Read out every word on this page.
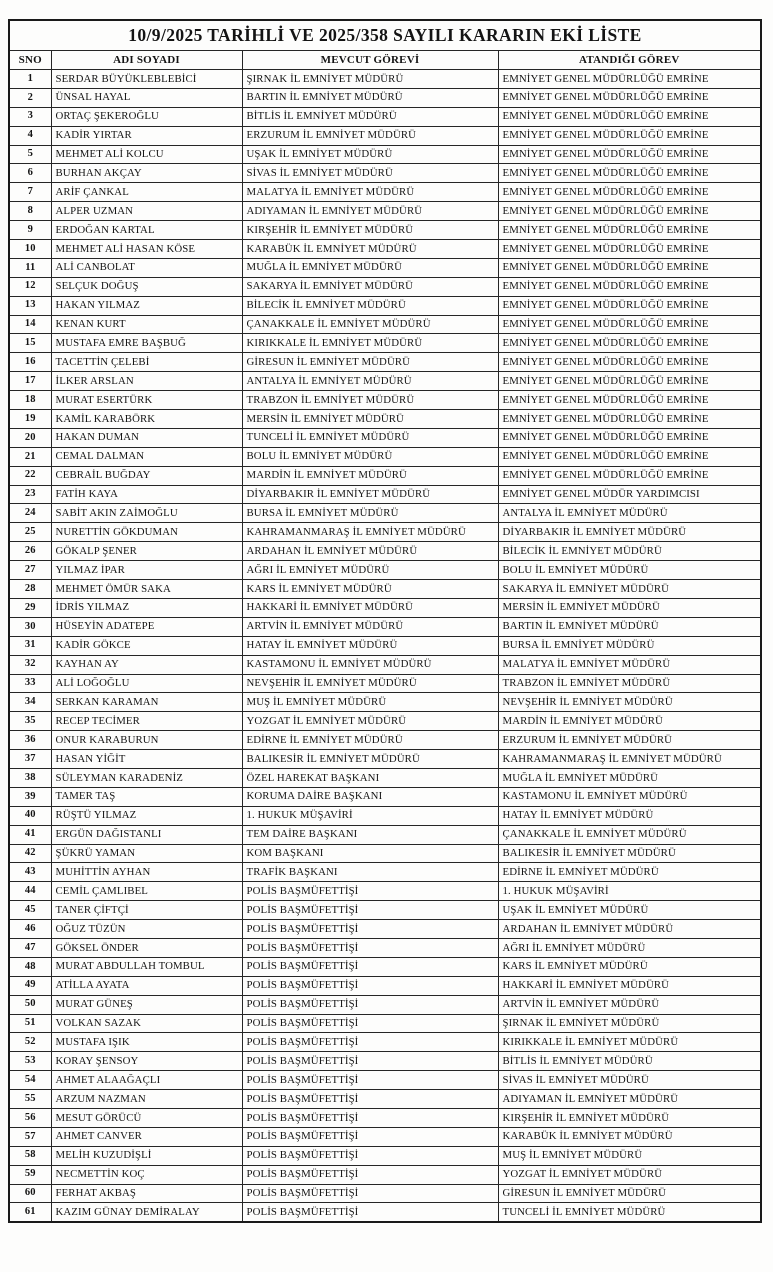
10/9/2025 TARİHLİ VE 2025/358 SAYILI KARARIN EKİ LİSTE			
SNO	ADI SOYADI	MEVCUT GÖREVİ	ATANDIĞI GÖREV
1	SERDAR BÜYÜKLEBLEBİCİ	ŞIRNAK İL EMNİYET MÜDÜRÜ	EMNİYET GENEL MÜDÜRLÜĞÜ EMRİNE
2	ÜNSAL HAYAL	BARTIN İL EMNİYET MÜDÜRÜ	EMNİYET GENEL MÜDÜRLÜĞÜ EMRİNE
3	ORTAÇ ŞEKEROĞLU	BİTLİS İL EMNİYET MÜDÜRÜ	EMNİYET GENEL MÜDÜRLÜĞÜ EMRİNE
4	KADİR YIRTAR	ERZURUM İL EMNİYET MÜDÜRÜ	EMNİYET GENEL MÜDÜRLÜĞÜ EMRİNE
5	MEHMET ALİ KOLCU	UŞAK İL EMNİYET MÜDÜRÜ	EMNİYET GENEL MÜDÜRLÜĞÜ EMRİNE
6	BURHAN AKÇAY	SİVAS İL EMNİYET MÜDÜRÜ	EMNİYET GENEL MÜDÜRLÜĞÜ EMRİNE
7	ARİF ÇANKAL	MALATYA İL EMNİYET MÜDÜRÜ	EMNİYET GENEL MÜDÜRLÜĞÜ EMRİNE
8	ALPER UZMAN	ADIYAMAN İL EMNİYET MÜDÜRÜ	EMNİYET GENEL MÜDÜRLÜĞÜ EMRİNE
9	ERDOĞAN KARTAL	KIRŞEHİR İL EMNİYET MÜDÜRÜ	EMNİYET GENEL MÜDÜRLÜĞÜ EMRİNE
10	MEHMET ALİ HASAN KÖSE	KARABÜK İL EMNİYET MÜDÜRÜ	EMNİYET GENEL MÜDÜRLÜĞÜ EMRİNE
11	ALİ CANBOLAT	MUĞLA İL EMNİYET MÜDÜRÜ	EMNİYET GENEL MÜDÜRLÜĞÜ EMRİNE
12	SELÇUK DOĞUŞ	SAKARYA İL EMNİYET MÜDÜRÜ	EMNİYET GENEL MÜDÜRLÜĞÜ EMRİNE
13	HAKAN YILMAZ	BİLECİK İL EMNİYET MÜDÜRÜ	EMNİYET GENEL MÜDÜRLÜĞÜ EMRİNE
14	KENAN KURT	ÇANAKKALE İL EMNİYET MÜDÜRÜ	EMNİYET GENEL MÜDÜRLÜĞÜ EMRİNE
15	MUSTAFA EMRE BAŞBUĞ	KIRIKKALE İL EMNİYET MÜDÜRÜ	EMNİYET GENEL MÜDÜRLÜĞÜ EMRİNE
16	TACETTİN ÇELEBİ	GİRESUN İL EMNİYET MÜDÜRÜ	EMNİYET GENEL MÜDÜRLÜĞÜ EMRİNE
17	İLKER ARSLAN	ANTALYA İL EMNİYET MÜDÜRÜ	EMNİYET GENEL MÜDÜRLÜĞÜ EMRİNE
18	MURAT ESERTÜRK	TRABZON İL EMNİYET MÜDÜRÜ	EMNİYET GENEL MÜDÜRLÜĞÜ EMRİNE
19	KAMİL KARABÖRK	MERSİN İL EMNİYET MÜDÜRÜ	EMNİYET GENEL MÜDÜRLÜĞÜ EMRİNE
20	HAKAN DUMAN	TUNCELİ İL EMNİYET MÜDÜRÜ	EMNİYET GENEL MÜDÜRLÜĞÜ EMRİNE
21	CEMAL DALMAN	BOLU İL EMNİYET MÜDÜRÜ	EMNİYET GENEL MÜDÜRLÜĞÜ EMRİNE
22	CEBRAİL BUĞDAY	MARDİN İL EMNİYET MÜDÜRÜ	EMNİYET GENEL MÜDÜRLÜĞÜ EMRİNE
23	FATİH KAYA	DİYARBAKIR İL EMNİYET MÜDÜRÜ	EMNİYET GENEL MÜDÜR YARDIMCISI
24	SABİT AKIN ZAİMOĞLU	BURSA İL EMNİYET MÜDÜRÜ	ANTALYA İL EMNİYET MÜDÜRÜ
25	NURETTİN GÖKDUMAN	KAHRAMANMARAŞ İL EMNİYET MÜDÜRÜ	DİYARBAKIR İL EMNİYET MÜDÜRÜ
26	GÖKALP ŞENER	ARDAHAN İL EMNİYET MÜDÜRÜ	BİLECİK İL EMNİYET MÜDÜRÜ
27	YILMAZ İPAR	AĞRI İL EMNİYET MÜDÜRÜ	BOLU İL EMNİYET MÜDÜRÜ
28	MEHMET ÖMÜR SAKA	KARS İL EMNİYET MÜDÜRÜ	SAKARYA İL EMNİYET MÜDÜRÜ
29	İDRİS YILMAZ	HAKKARİ İL EMNİYET MÜDÜRÜ	MERSİN İL EMNİYET MÜDÜRÜ
30	HÜSEYİN ADATEPE	ARTVİN İL EMNİYET MÜDÜRÜ	BARTIN İL EMNİYET MÜDÜRÜ
31	KADİR GÖKCE	HATAY İL EMNİYET MÜDÜRÜ	BURSA İL EMNİYET MÜDÜRÜ
32	KAYHAN AY	KASTAMONU İL EMNİYET MÜDÜRÜ	MALATYA İL EMNİYET MÜDÜRÜ
33	ALİ LOĞOĞLU	NEVŞEHİR İL EMNİYET MÜDÜRÜ	TRABZON İL EMNİYET MÜDÜRÜ
34	SERKAN KARAMAN	MUŞ İL EMNİYET MÜDÜRÜ	NEVŞEHİR İL EMNİYET MÜDÜRÜ
35	RECEP TECİMER	YOZGAT İL EMNİYET MÜDÜRÜ	MARDİN İL EMNİYET MÜDÜRÜ
36	ONUR KARABURUN	EDİRNE İL EMNİYET MÜDÜRÜ	ERZURUM İL EMNİYET MÜDÜRÜ
37	HASAN YİĞİT	BALIKESİR İL EMNİYET MÜDÜRÜ	KAHRAMANMARAŞ İL EMNİYET MÜDÜRÜ
38	SÜLEYMAN KARADENİZ	ÖZEL HAREKAT BAŞKANI	MUĞLA İL EMNİYET MÜDÜRÜ
39	TAMER TAŞ	KORUMA DAİRE BAŞKANI	KASTAMONU İL EMNİYET MÜDÜRÜ
40	RÜŞTÜ YILMAZ	1. HUKUK MÜŞAVİRİ	HATAY İL EMNİYET MÜDÜRÜ
41	ERGÜN DAĞISTANLI	TEM DAİRE BAŞKANI	ÇANAKKALE İL EMNİYET MÜDÜRÜ
42	ŞÜKRÜ YAMAN	KOM BAŞKANI	BALIKESİR İL EMNİYET MÜDÜRÜ
43	MUHİTTİN AYHAN	TRAFİK BAŞKANI	EDİRNE İL EMNİYET MÜDÜRÜ
44	CEMİL ÇAMLIBEL	POLİS BAŞMÜFETTİŞİ	1. HUKUK MÜŞAVİRİ
45	TANER ÇİFTÇİ	POLİS BAŞMÜFETTİŞİ	UŞAK İL EMNİYET MÜDÜRÜ
46	OĞUZ TÜZÜN	POLİS BAŞMÜFETTİŞİ	ARDAHAN İL EMNİYET MÜDÜRÜ
47	GÖKSEL ÖNDER	POLİS BAŞMÜFETTİŞİ	AĞRI İL EMNİYET MÜDÜRÜ
48	MURAT ABDULLAH TOMBUL	POLİS BAŞMÜFETTİŞİ	KARS İL EMNİYET MÜDÜRÜ
49	ATİLLA AYATA	POLİS BAŞMÜFETTİŞİ	HAKKARİ İL EMNİYET MÜDÜRÜ
50	MURAT GÜNEŞ	POLİS BAŞMÜFETTİŞİ	ARTVİN İL EMNİYET MÜDÜRÜ
51	VOLKAN SAZAK	POLİS BAŞMÜFETTİŞİ	ŞIRNAK İL EMNİYET MÜDÜRÜ
52	MUSTAFA IŞIK	POLİS BAŞMÜFETTİŞİ	KIRIKKALE İL EMNİYET MÜDÜRÜ
53	KORAY ŞENSOY	POLİS BAŞMÜFETTİŞİ	BİTLİS İL EMNİYET MÜDÜRÜ
54	AHMET ALAAĞAÇLI	POLİS BAŞMÜFETTİŞİ	SİVAS İL EMNİYET MÜDÜRÜ
55	ARZUM NAZMAN	POLİS BAŞMÜFETTİŞİ	ADIYAMAN İL EMNİYET MÜDÜRÜ
56	MESUT GÖRÜCÜ	POLİS BAŞMÜFETTİŞİ	KIRŞEHİR İL EMNİYET MÜDÜRÜ
57	AHMET CANVER	POLİS BAŞMÜFETTİŞİ	KARABÜK İL EMNİYET MÜDÜRÜ
58	MELİH KUZUDİŞLİ	POLİS BAŞMÜFETTİŞİ	MUŞ İL EMNİYET MÜDÜRÜ
59	NECMETTİN KOÇ	POLİS BAŞMÜFETTİŞİ	YOZGAT İL EMNİYET MÜDÜRÜ
60	FERHAT AKBAŞ	POLİS BAŞMÜFETTİŞİ	GİRESUN İL EMNİYET MÜDÜRÜ
61	KAZIM GÜNAY DEMİRALAY	POLİS BAŞMÜFETTİŞİ	TUNCELİ İL EMNİYET MÜDÜRÜ
